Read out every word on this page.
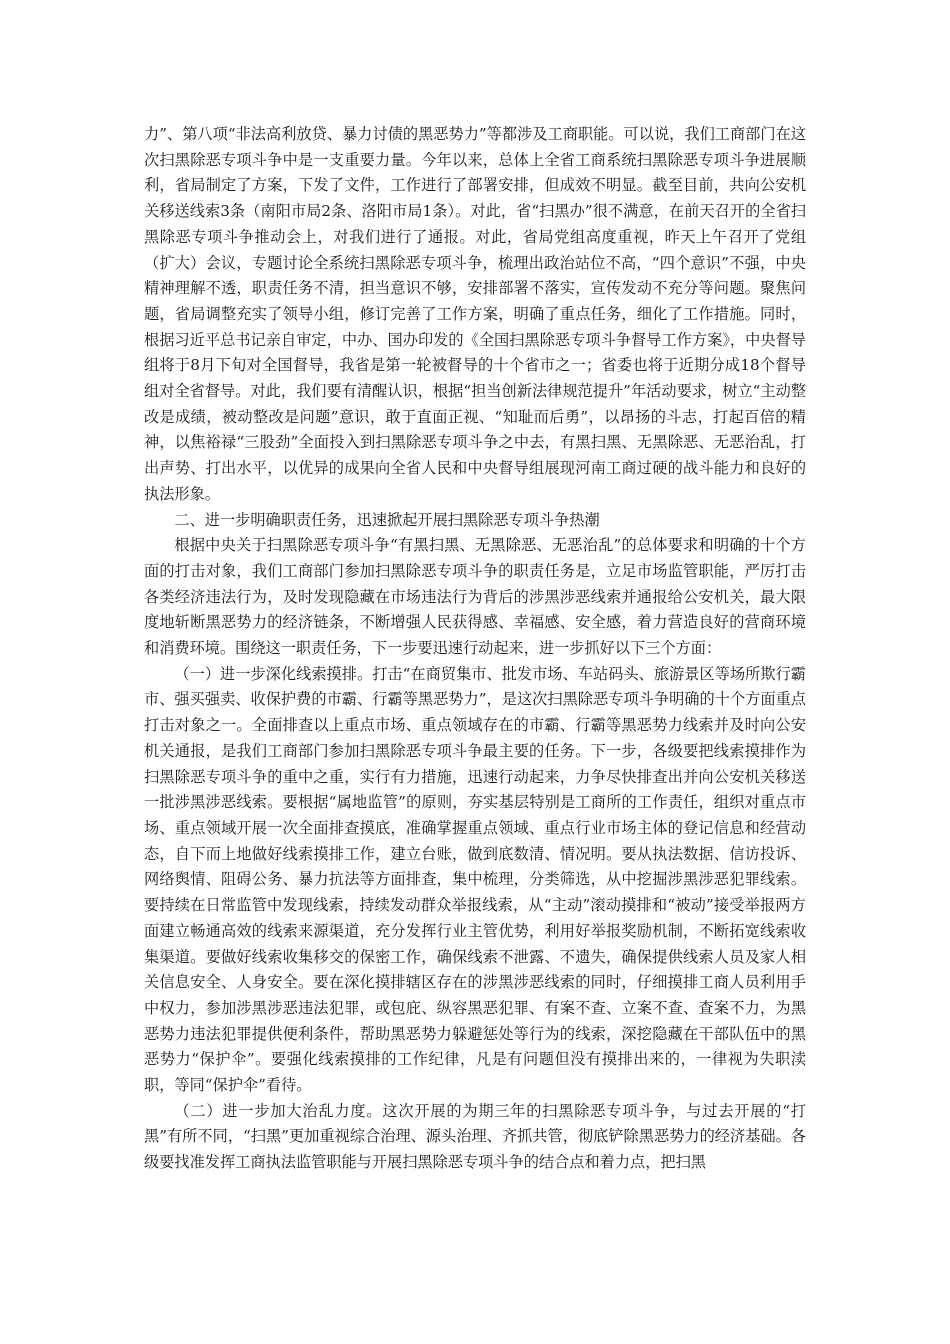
力”、第八项“非法高利放贷、暴力讨债的黑恶势力”等都涉及工商职能。可以说，我们工商部门在这次扫黑除恶专项斗争中是一支重要力量。今年以来，总体上全省工商系统扫黑除恶专项斗争进展顺利，省局制定了方案，下发了文件，工作进行了部署安排，但成效不明显。截至目前，共向公安机关移送线索3条（南阳市局2条、洛阳市局1条）。对此，省“扫黑办”很不满意，在前天召开的全省扫黑除恶专项斗争推动会上，对我们进行了通报。对此，省局党组高度重视，昨天上午召开了党组（扩大）会议，专题讨论全系统扫黑除恶专项斗争，梳理出政治站位不高，“四个意识”不强，中央精神理解不透，职责任务不清，担当意识不够，安排部署不落实，宣传发动不充分等问题。聚焦问题，省局调整充实了领导小组，修订完善了工作方案，明确了重点任务，细化了工作措施。同时，根据习近平总书记亲自审定，中办、国办印发的《全国扫黑除恶专项斗争督导工作方案》，中央督导组将于8月下旬对全国督导，我省是第一轮被督导的十个省市之一；省委也将于近期分成18个督导组对全省督导。对此，我们要有清醒认识，根据“担当创新法律规范提升”年活动要求，树立“主动整改是成绩，被动整改是问题”意识，敢于直面正视、“知耻而后勇”，以昂扬的斗志，打起百倍的精神，以焦裕禄“三股劲”全面投入到扫黑除恶专项斗争之中去，有黑扫黑、无黑除恶、无恶治乱，打出声势、打出水平，以优异的成果向全省人民和中央督导组展现河南工商过硬的战斗能力和良好的执法形象。

二、进一步明确职责任务，迅速掀起开展扫黑除恶专项斗争热潮

根据中央关于扫黑除恶专项斗争“有黑扫黑、无黑除恶、无恶治乱”的总体要求和明确的十个方面的打击对象，我们工商部门参加扫黑除恶专项斗争的职责任务是，立足市场监管职能，严厉打击各类经济违法行为，及时发现隐藏在市场违法行为背后的涉黑涉恶线索并通报给公安机关，最大限度地斩断黑恶势力的经济链条，不断增强人民获得感、幸福感、安全感，着力营造良好的营商环境和消费环境。围绕这一职责任务，下一步要迅速行动起来，进一步抓好以下三个方面：

（一）进一步深化线索摸排。打击“在商贸集市、批发市场、车站码头、旅游景区等场所欺行霸市、强买强卖、收保护费的市霸、行霸等黑恶势力”，是这次扫黑除恶专项斗争明确的十个方面重点打击对象之一。全面排查以上重点市场、重点领域存在的市霸、行霸等黑恶势力线索并及时向公安机关通报，是我们工商部门参加扫黑除恶专项斗争最主要的任务。下一步，各级要把线索摸排作为扫黑除恶专项斗争的重中之重，实行有力措施，迅速行动起来，力争尽快排查出并向公安机关移送一批涉黑涉恶线索。要根据“属地监管”的原则，夯实基层特别是工商所的工作责任，组织对重点市场、重点领域开展一次全面排查摸底，准确掌握重点领域、重点行业市场主体的登记信息和经营动态，自下而上地做好线索摸排工作，建立台账，做到底数清、情况明。要从执法数据、信访投诉、网络舆情、阻碍公务、暴力抗法等方面排查，集中梳理，分类筛选，从中挖掘涉黑涉恶犯罪线索。要持续在日常监管中发现线索，持续发动群众举报线索，从“主动”滚动摸排和“被动”接受举报两方面建立畅通高效的线索来源渠道，充分发挥行业主管优势，利用好举报奖励机制，不断拓宽线索收集渠道。要做好线索收集移交的保密工作，确保线索不泄露、不遗失，确保提供线索人员及家人相关信息安全、人身安全。要在深化摸排辖区存在的涉黑涉恶线索的同时，仔细摸排工商人员利用手中权力，参加涉黑涉恶违法犯罪，或包庇、纵容黑恶犯罪、有案不查、立案不查、查案不力，为黑恶势力违法犯罪提供便利条件，帮助黑恶势力躲避惩处等行为的线索，深挖隐藏在干部队伍中的黑恶势力“保护伞”。要强化线索摸排的工作纪律，凡是有问题但没有摸排出来的，一律视为失职渎职，等同“保护伞”看待。

（二）进一步加大治乱力度。这次开展的为期三年的扫黑除恶专项斗争，与过去开展的“打黑”有所不同，“扫黑”更加重视综合治理、源头治理、齐抓共管，彻底铲除黑恶势力的经济基础。各级要找准发挥工商执法监管职能与开展扫黑除恶专项斗争的结合点和着力点，把扫黑
